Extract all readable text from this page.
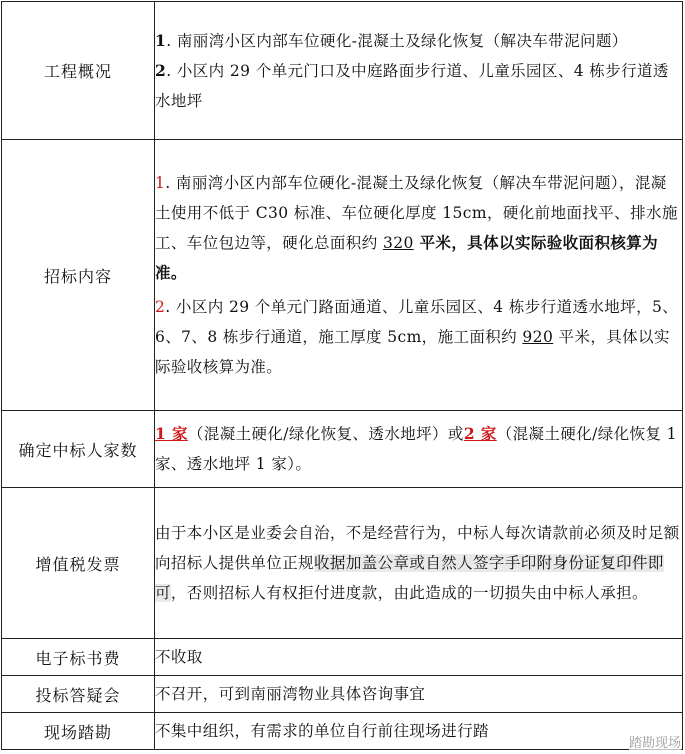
工程概况	1. 南丽湾小区内部车位硬化-混凝土及绿化恢复（解决车带泥问题）

2. 小区内 29 个单元门口及中庭路面步行道、儿童乐园区、4 栋步行道透水地坪

招标内容	1. 南丽湾小区内部车位硬化-混凝土及绿化恢复（解决车带泥问题），混凝土使用不低于 C30 标准、车位硬化厚度 15cm，硬化前地面找平、排水施工、车位包边等，硬化总面积约 320 平米，具体以实际验收面积核算为准。

2. 小区内 29 个单元门路面通道、儿童乐园区、4 栋步行道透水地坪，5、6、7、8 栋步行通道，施工厚度 5cm，施工面积约 920 平米，具体以实际验收核算为准。

确定中标人家数	1 家（混凝土硬化/绿化恢复、透水地坪）或2 家（混凝土硬化/绿化恢复 1 家、透水地坪 1 家）。
增值税发票	由于本小区是业委会自治，不是经营行为，中标人每次请款前必须及时足额向招标人提供单位正规收据加盖公章或自然人签字手印附身份证复印件即可，否则招标人有权拒付进度款，由此造成的一切损失由中标人承担。
电子标书费	不收取
投标答疑会	不召开，可到南丽湾物业具体咨询事宜
现场踏勘	不集中组织，有需求的单位自行前往现场进行踏
踏勘现场
